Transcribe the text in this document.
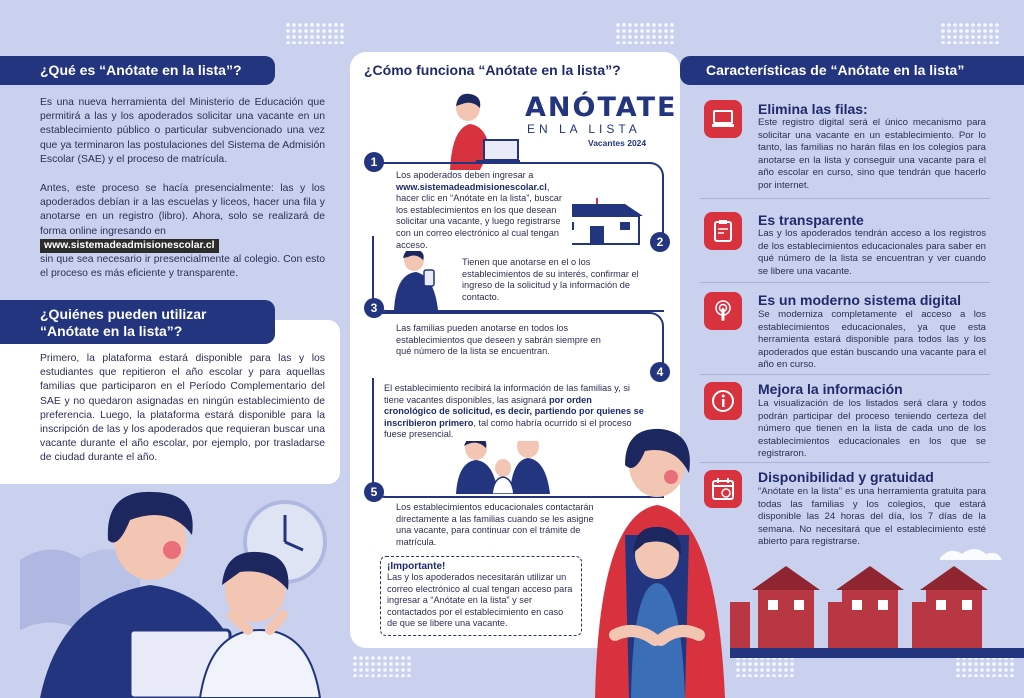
¿Qué es “Anótate en la lista”?
Es una nueva herramienta del Ministerio de Educación que permitirá a las y los apoderados solicitar una vacante en un establecimiento público o particular subvencionado una vez que ya terminaron las postulaciones del Sistema de Admisión Escolar (SAE) y el proceso de matrícula.
Antes, este proceso se hacía presencialmente: las y los apoderados debían ir a las escuelas y liceos, hacer una fila y anotarse en un registro (libro). Ahora, solo se realizará de forma online ingresando en
www.sistemadeadmisionescolar.cl
sin que sea necesario ir presencialmente al colegio. Con esto el proceso es más eficiente y transparente.
¿Quiénes pueden utilizar
“Anótate en la lista”?
Primero, la plataforma estará disponible para las y los estudiantes que repitieron el año escolar y para aquellas familias que participaron en el Período Complementario del SAE y no quedaron asignadas en ningún establecimiento de preferencia. Luego, la plataforma estará disponible para la inscripción de las y los apoderados que requieran buscar una vacante durante el año escolar, por ejemplo, por trasladarse de ciudad durante el año.
¿Cómo funciona “Anótate en la lista”?
ANÓTATE
EN LA LISTA
Vacantes 2024
1
2
3
4
5
Los apoderados deben ingresar a
www.sistemadeadmisionescolar.cl, hacer clic en “Anótate en la lista”, buscar los establecimientos en los que desean solicitar una vacante, y luego registrarse con un correo electrónico al cual tengan acceso.
Tienen que anotarse en el o los establecimientos de su interés, confirmar el ingreso de la solicitud y la información de contacto.
Las familias pueden anotarse en todos los establecimientos que deseen y sabrán siempre en qué número de la lista se encuentran.
El establecimiento recibirá la información de las familias y, si tiene vacantes disponibles, las asignará por orden cronológico de solicitud, es decir, partiendo por quienes se inscribieron primero, tal como habría ocurrido si el proceso fuese presencial.
Los establecimientos educacionales contactarán directamente a las familias cuando se les asigne una vacante, para continuar con el trámite de matrícula.
¡Importante!
Las y los apoderados necesitarán utilizar un correo electrónico al cual tengan acceso para ingresar a “Anótate en la lista” y ser contactados por el establecimiento en caso de que se libere una vacante.
Características de “Anótate en la lista”
Elimina las filas:
Este registro digital será el único mecanismo para solicitar una vacante en un establecimiento. Por lo tanto, las familias no harán filas en los colegios para anotarse en la lista y conseguir una vacante para el año escolar en curso, sino que tendrán que hacerlo por internet.
Es transparente
Las y los apoderados tendrán acceso a los registros de los establecimientos educacionales para saber en qué número de la lista se encuentran y ver cuando se libere una vacante.
Es un moderno sistema digital
Se moderniza completamente el acceso a los establecimientos educacionales, ya que esta herramienta estará disponible para todos las y los apoderados que están buscando una vacante para el año en curso.
Mejora la información
La visualización de los listados será clara y todos podrán participar del proceso teniendo certeza del número que tienen en la lista de cada uno de los establecimientos educacionales en los que se registraron.
Disponibilidad y gratuidad
“Anótate en la lista” es una herramienta gratuita para todas las familias y los colegios, que estará disponible las 24 horas del día, los 7 días de la semana. No necesitará que el establecimiento esté abierto para registrarse.
